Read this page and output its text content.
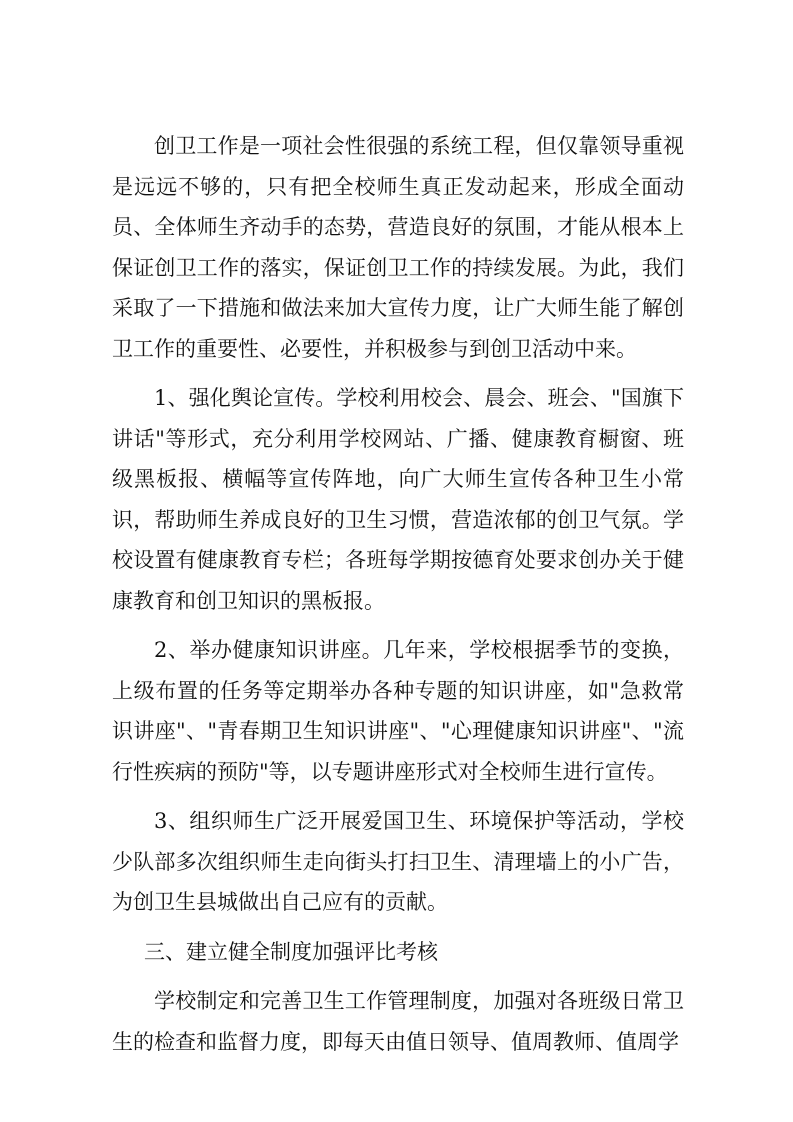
创卫工作是一项社会性很强的系统工程，但仅靠领导重视是远远不够的，只有把全校师生真正发动起来，形成全面动员、全体师生齐动手的态势，营造良好的氛围，才能从根本上保证创卫工作的落实，保证创卫工作的持续发展。为此，我们采取了一下措施和做法来加大宣传力度，让广大师生能了解创卫工作的重要性、必要性，并积极参与到创卫活动中来。

1、强化舆论宣传。学校利用校会、晨会、班会、"国旗下讲话"等形式，充分利用学校网站、广播、健康教育橱窗、班级黑板报、横幅等宣传阵地，向广大师生宣传各种卫生小常识，帮助师生养成良好的卫生习惯，营造浓郁的创卫气氛。学校设置有健康教育专栏；各班每学期按德育处要求创办关于健康教育和创卫知识的黑板报。

2、举办健康知识讲座。几年来，学校根据季节的变换，上级布置的任务等定期举办各种专题的知识讲座，如"急救常识讲座"、"青春期卫生知识讲座"、"心理健康知识讲座"、"流行性疾病的预防"等，以专题讲座形式对全校师生进行宣传。

3、组织师生广泛开展爱国卫生、环境保护等活动，学校少队部多次组织师生走向街头打扫卫生、清理墙上的小广告，为创卫生县城做出自己应有的贡献。

三、建立健全制度加强评比考核

学校制定和完善卫生工作管理制度，加强对各班级日常卫生的检查和监督力度，即每天由值日领导、值周教师、值周学
